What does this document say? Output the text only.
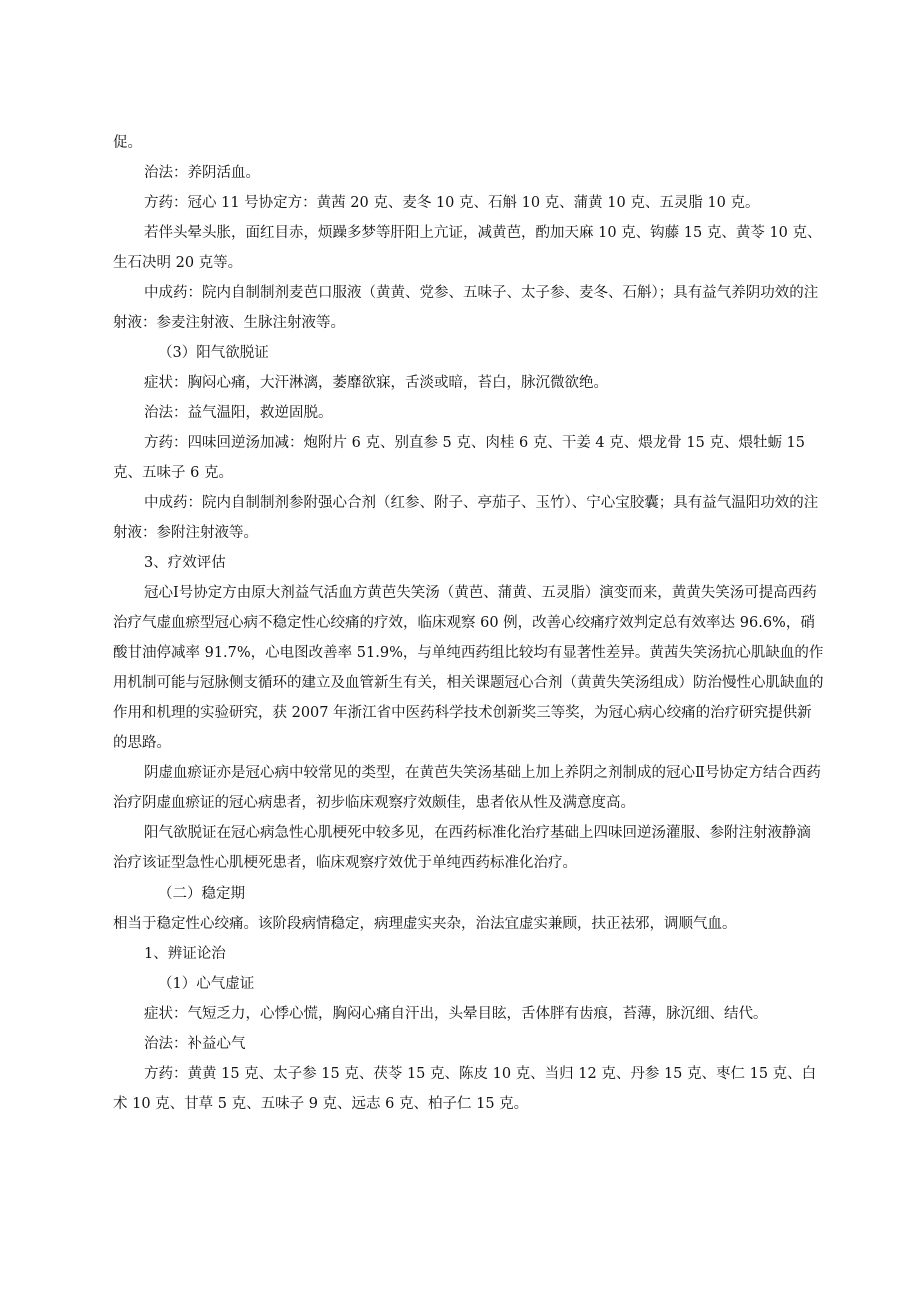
促。

治法：养阴活血。

方药：冠心 11 号协定方：黄茜 20 克、麦冬 10 克、石斛 10 克、蒲黄 10 克、五灵脂 10 克。

若伴头晕头胀，面红目赤，烦躁多梦等肝阳上亢证，减黄芭，酌加天麻 10 克、钩藤 15 克、黄苓 10 克、生石决明 20 克等。

中成药：院内自制制剂麦芭口服液（黄黄、党参、五味子、太子参、麦冬、石斛）；具有益气养阴功效的注射液：参麦注射液、生脉注射液等。

（3）阳气欲脱证

症状：胸闷心痛，大汗淋漓，萎靡欲寐，舌淡或暗，苔白，脉沉微欲绝。

治法：益气温阳，救逆固脱。

方药：四味回逆汤加减：炮附片 6 克、别直参 5 克、肉桂 6 克、干姜 4 克、煨龙骨 15 克、煨牡蛎 15 克、五味子 6 克。

中成药：院内自制制剂参附强心合剂（红参、附子、亭茄子、玉竹）、宁心宝胶囊；具有益气温阳功效的注射液：参附注射液等。

3、疗效评估

冠心Ⅰ号协定方由原大剂益气活血方黄芭失笑汤（黄芭、蒲黄、五灵脂）演变而来，黄黄失笑汤可提高西药治疗气虚血瘀型冠心病不稳定性心绞痛的疗效，临床观察 60 例，改善心绞痛疗效判定总有效率达 96.6%，硝酸甘油停减率 91.7%，心电图改善率 51.9%，与单纯西药组比较均有显著性差异。黄茜失笑汤抗心肌缺血的作用机制可能与冠脉侧支循环的建立及血管新生有关，相关课题冠心合剂（黄黄失笑汤组成）防治慢性心肌缺血的作用和机理的实验研究，获 2007 年浙江省中医药科学技术创新奖三等奖，为冠心病心绞痛的治疗研究提供新的思路。

阴虚血瘀证亦是冠心病中较常见的类型，在黄芭失笑汤基础上加上养阴之剂制成的冠心Ⅱ号协定方结合西药治疗阴虚血瘀证的冠心病患者，初步临床观察疗效颇佳，患者依从性及满意度高。

阳气欲脱证在冠心病急性心肌梗死中较多见，在西药标准化治疗基础上四味回逆汤灌服、参附注射液静滴治疗该证型急性心肌梗死患者，临床观察疗效优于单纯西药标准化治疗。

（二）稳定期

相当于稳定性心绞痛。该阶段病情稳定，病理虚实夹杂，治法宜虚实兼顾，扶正祛邪，调顺气血。

1、辨证论治

（1）心气虚证

症状：气短乏力，心悸心慌，胸闷心痛自汗出，头晕目眩，舌体胖有齿痕，苔薄，脉沉细、结代。

治法：补益心气

方药：黄黄 15 克、太子参 15 克、茯苓 15 克、陈皮 10 克、当归 12 克、丹参 15 克、枣仁 15 克、白术 10 克、甘草 5 克、五味子 9 克、远志 6 克、柏子仁 15 克。
